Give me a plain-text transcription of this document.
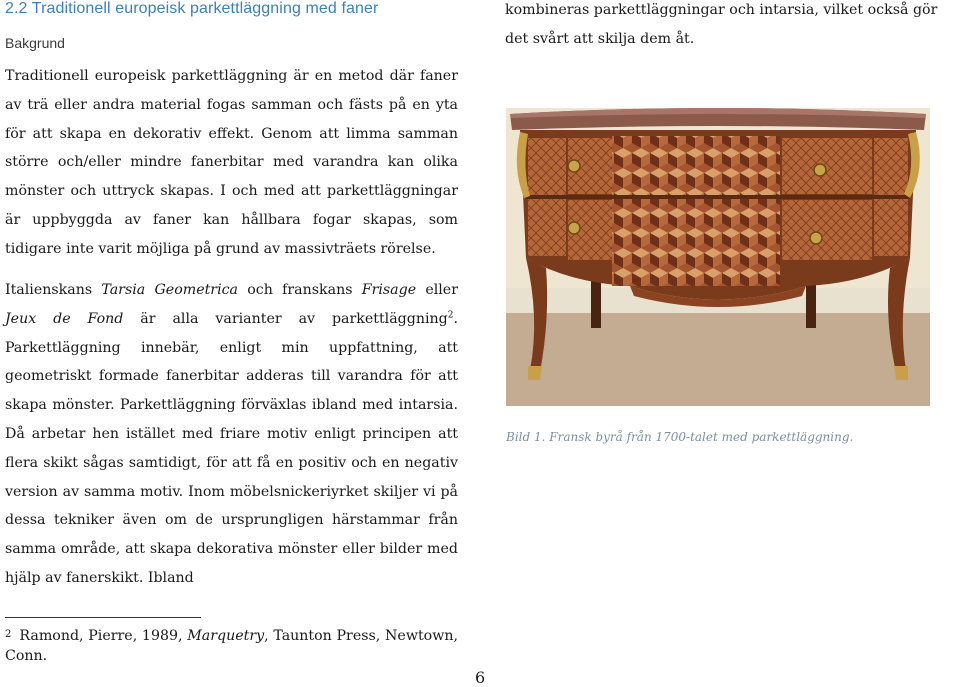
2.2 Traditionell europeisk parkettläggning med faner
Bakgrund

Traditionell europeisk parkettläggning är en metod där faner av trä eller andra material fogas samman och fästs på en yta för att skapa en dekorativ effekt. Genom att limma samman större och/eller mindre fanerbitar med varandra kan olika mönster och uttryck skapas. I och med att parkettläggningar är uppbyggda av faner kan hållbara fogar skapas, som tidigare inte varit möjliga på grund av massivträets rörelse.

Italienskans Tarsia Geometrica och franskans Frisage eller Jeux de Fond är alla varianter av parkettläggning$^2$. Parkettläggning innebär, enligt min uppfattning, att geometriskt formade fanerbitar adderas till varandra för att skapa mönster. Parkettläggning förväxlas ibland med intarsia. Då arbetar hen istället med friare motiv enligt principen att flera skikt sågas samtidigt, för att få en positiv och en negativ version av samma motiv. Inom möbelsnickeriyrket skiljer vi på dessa tekniker även om de ursprungligen härstammar från samma område, att skapa dekorativa mönster eller bilder med hjälp av fanerskikt. Ibland

kombineras parkettläggningar och intarsia, vilket också gör det svårt att skilja dem åt.

Bild 1. Fransk byrå från 1700-talet med parkettläggning.

$^2$ Ramond, Pierre, 1989, Marquetry, Taunton Press, Newtown, Conn.

6
